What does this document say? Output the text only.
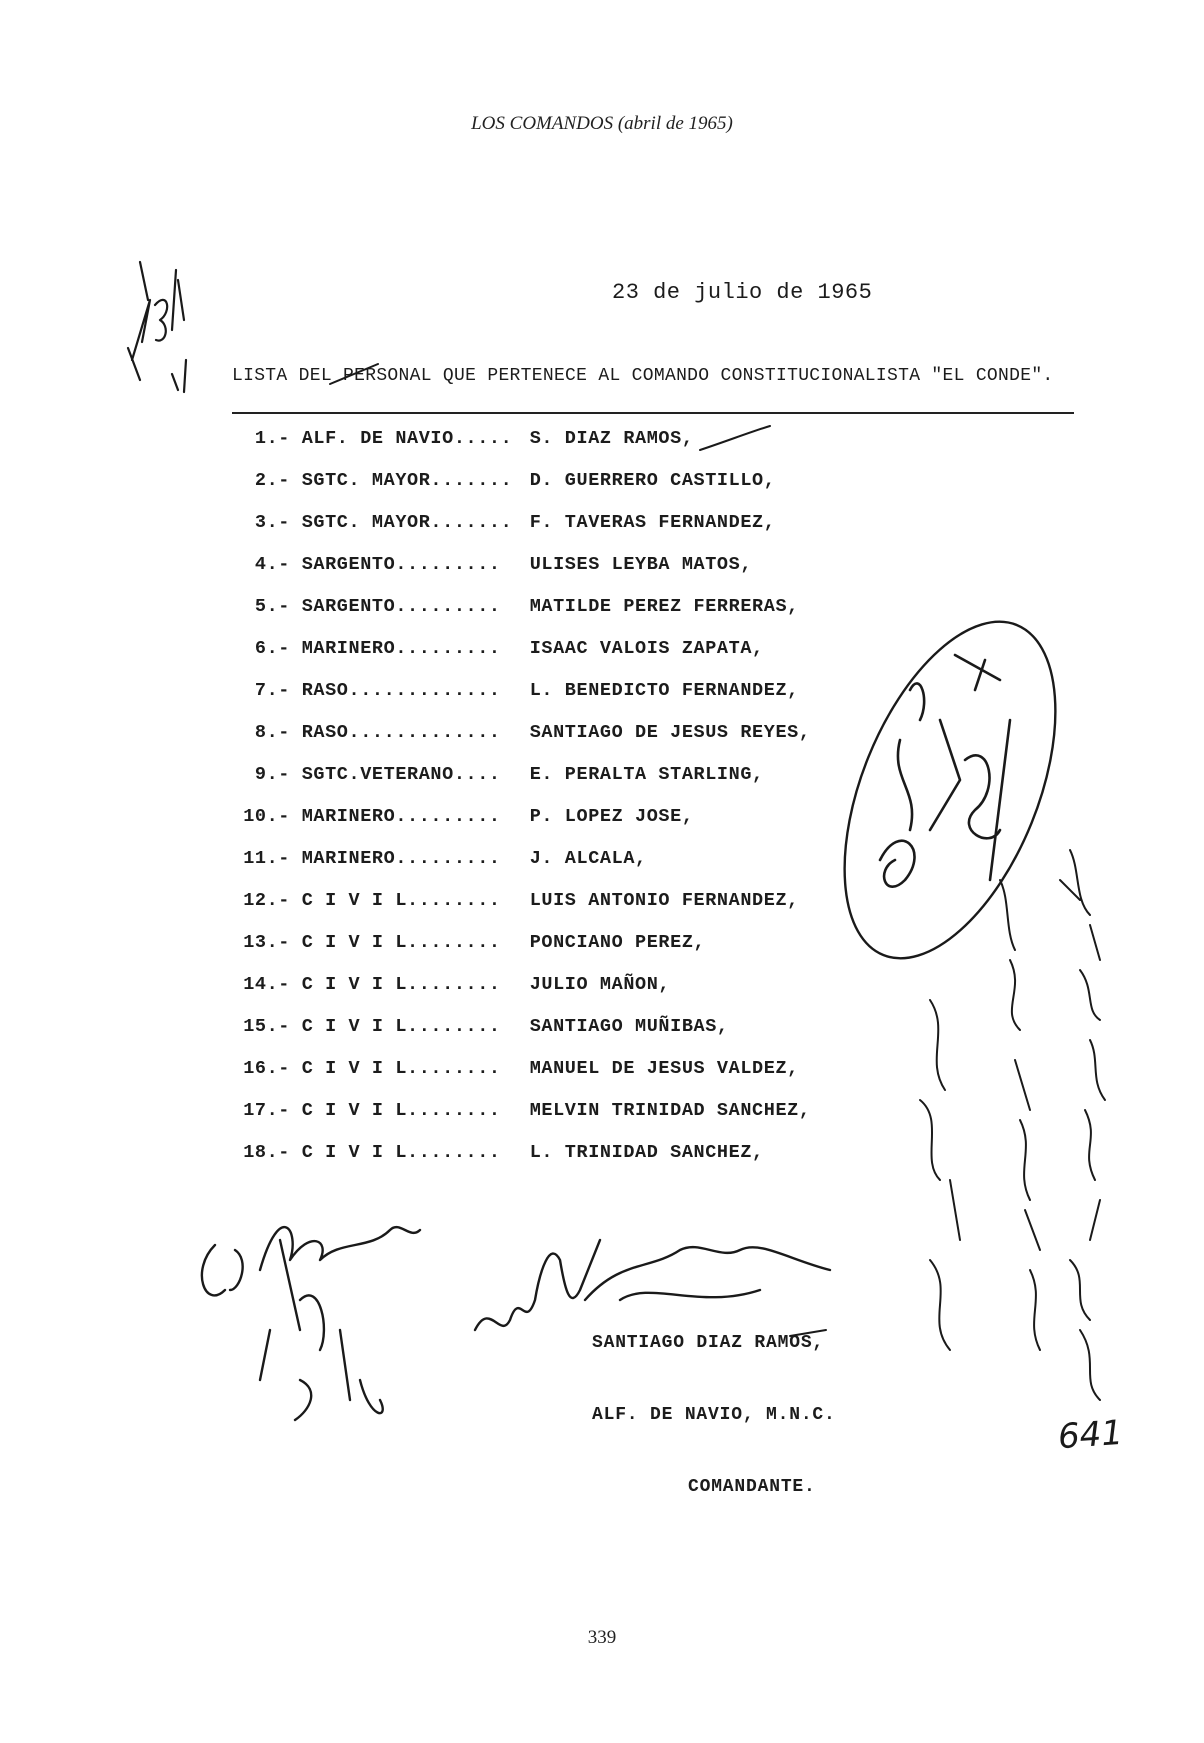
LOS COMANDOS (abril de 1965)
23 de julio de 1965
LISTA DEL PERSONAL QUE PERTENECE AL COMANDO CONSTITUCIONALISTA "EL CONDE".
1.- ALF. DE NAVIO..... S. DIAZ RAMOS,
2.- SGTC. MAYOR....... D. GUERRERO CASTILLO,
3.- SGTC. MAYOR....... F. TAVERAS FERNANDEZ,
4.- SARGENTO......... ULISES LEYBA MATOS,
5.- SARGENTO......... MATILDE PEREZ FERRERAS,
6.- MARINERO......... ISAAC VALOIS ZAPATA,
7.- RASO............. L. BENEDICTO FERNANDEZ,
8.- RASO............. SANTIAGO DE JESUS REYES,
9.- SGTC.VETERANO.... E. PERALTA STARLING,
10.- MARINERO......... P. LOPEZ JOSE,
11.- MARINERO......... J. ALCALA,
12.- C I V I L........ LUIS ANTONIO FERNANDEZ,
13.- C I V I L........ PONCIANO PEREZ,
14.- C I V I L........ JULIO MAÑON,
15.- C I V I L........ SANTIAGO MUÑIBAS,
16.- C I V I L........ MANUEL DE JESUS VALDEZ,
17.- C I V I L........ MELVIN TRINIDAD SANCHEZ,
18.- C I V I L........ L. TRINIDAD SANCHEZ,

SANTIAGO DIAZ RAMOS,

ALF. DE NAVIO, M.N.C.

COMANDANTE.

641
339
